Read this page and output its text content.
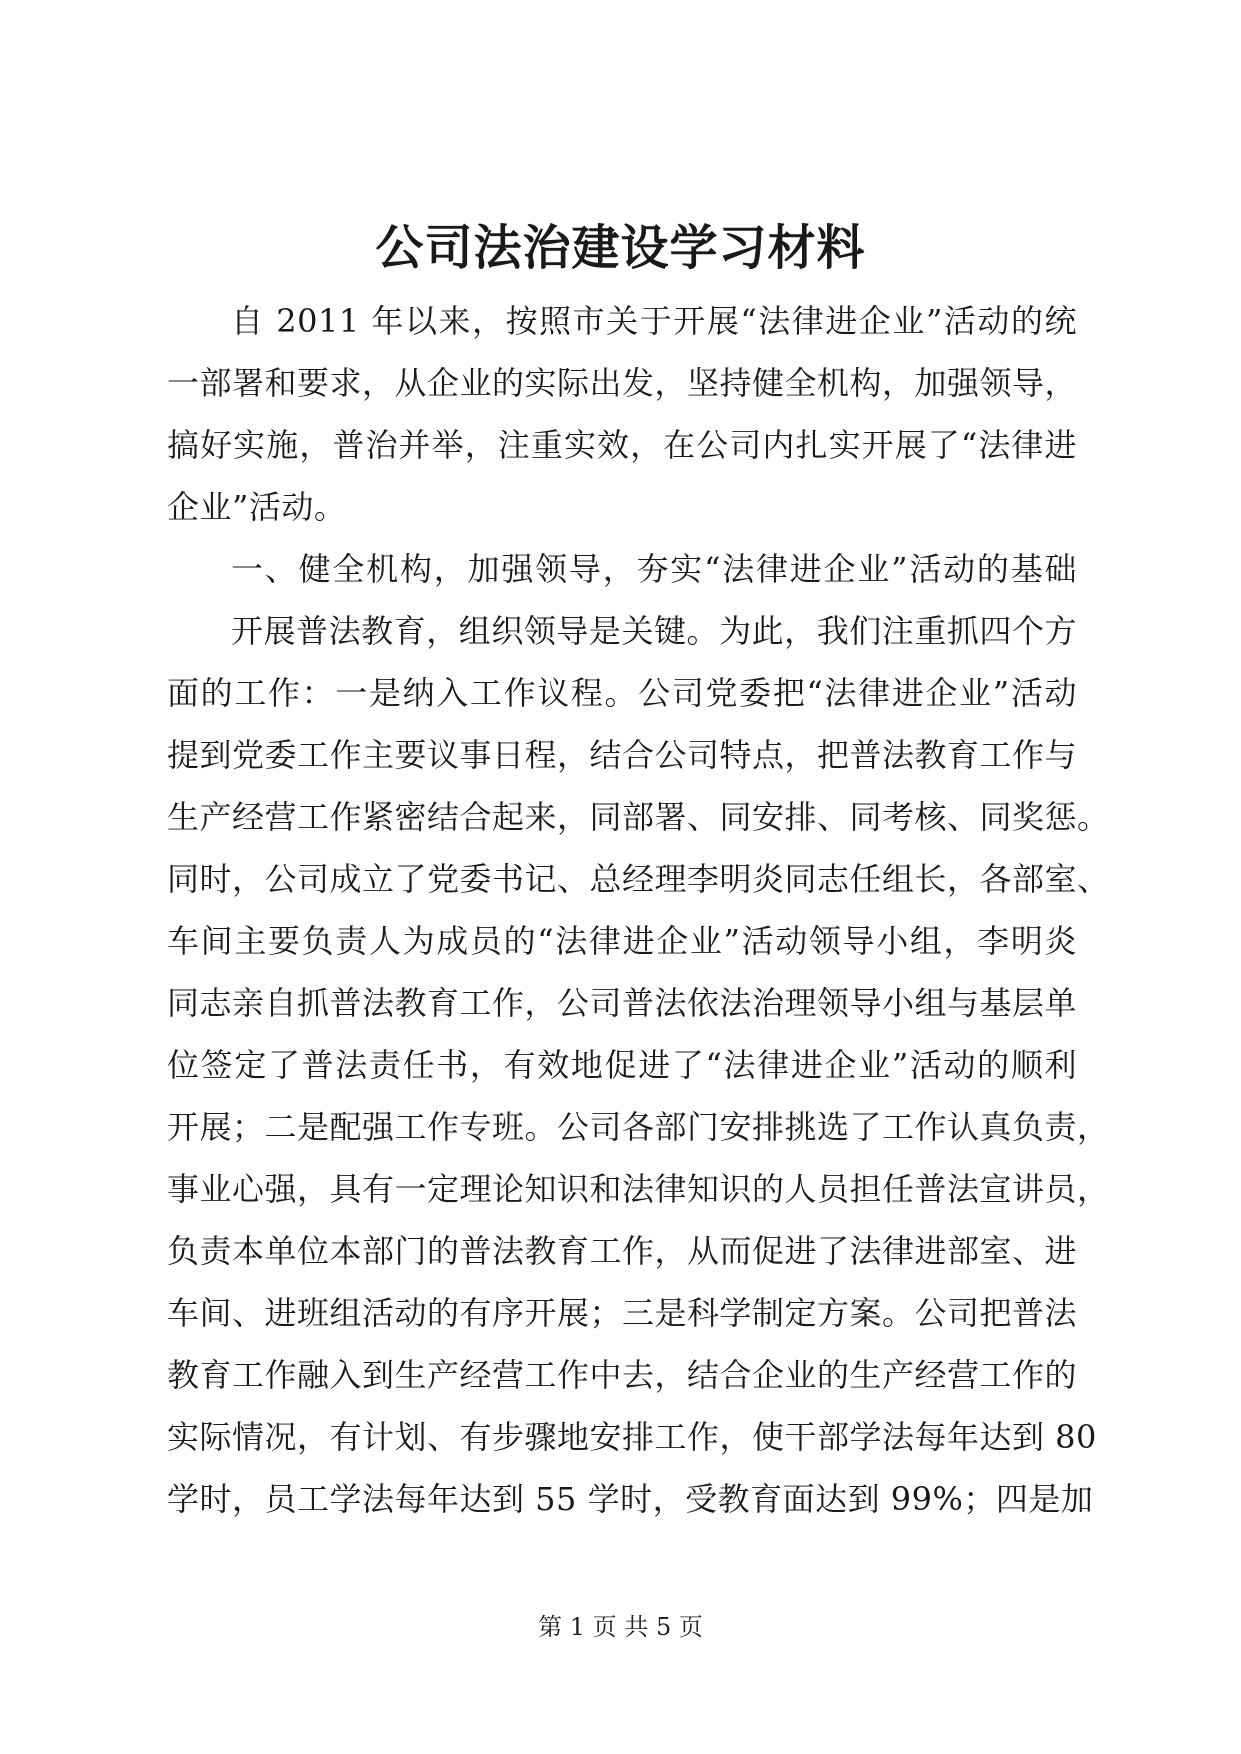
公司法治建设学习材料
自 2011 年以来，按照市关于开展“法律进企业”活动的统
一部署和要求，从企业的实际出发，坚持健全机构，加强领导，
搞好实施，普治并举，注重实效，在公司内扎实开展了“法律进
企业”活动。
一、健全机构，加强领导，夯实“法律进企业”活动的基础
开展普法教育，组织领导是关键。为此，我们注重抓四个方
面的工作：一是纳入工作议程。公司党委把“法律进企业”活动
提到党委工作主要议事日程，结合公司特点，把普法教育工作与
生产经营工作紧密结合起来，同部署、同安排、同考核、同奖惩。
同时，公司成立了党委书记、总经理李明炎同志任组长，各部室、
车间主要负责人为成员的“法律进企业”活动领导小组，李明炎
同志亲自抓普法教育工作，公司普法依法治理领导小组与基层单
位签定了普法责任书，有效地促进了“法律进企业”活动的顺利
开展；二是配强工作专班。公司各部门安排挑选了工作认真负责，
事业心强，具有一定理论知识和法律知识的人员担任普法宣讲员，
负责本单位本部门的普法教育工作，从而促进了法律进部室、进
车间、进班组活动的有序开展；三是科学制定方案。公司把普法
教育工作融入到生产经营工作中去，结合企业的生产经营工作的
实际情况，有计划、有步骤地安排工作，使干部学法每年达到 80
学时，员工学法每年达到 55 学时，受教育面达到 99%；四是加
第 1 页 共 5 页
